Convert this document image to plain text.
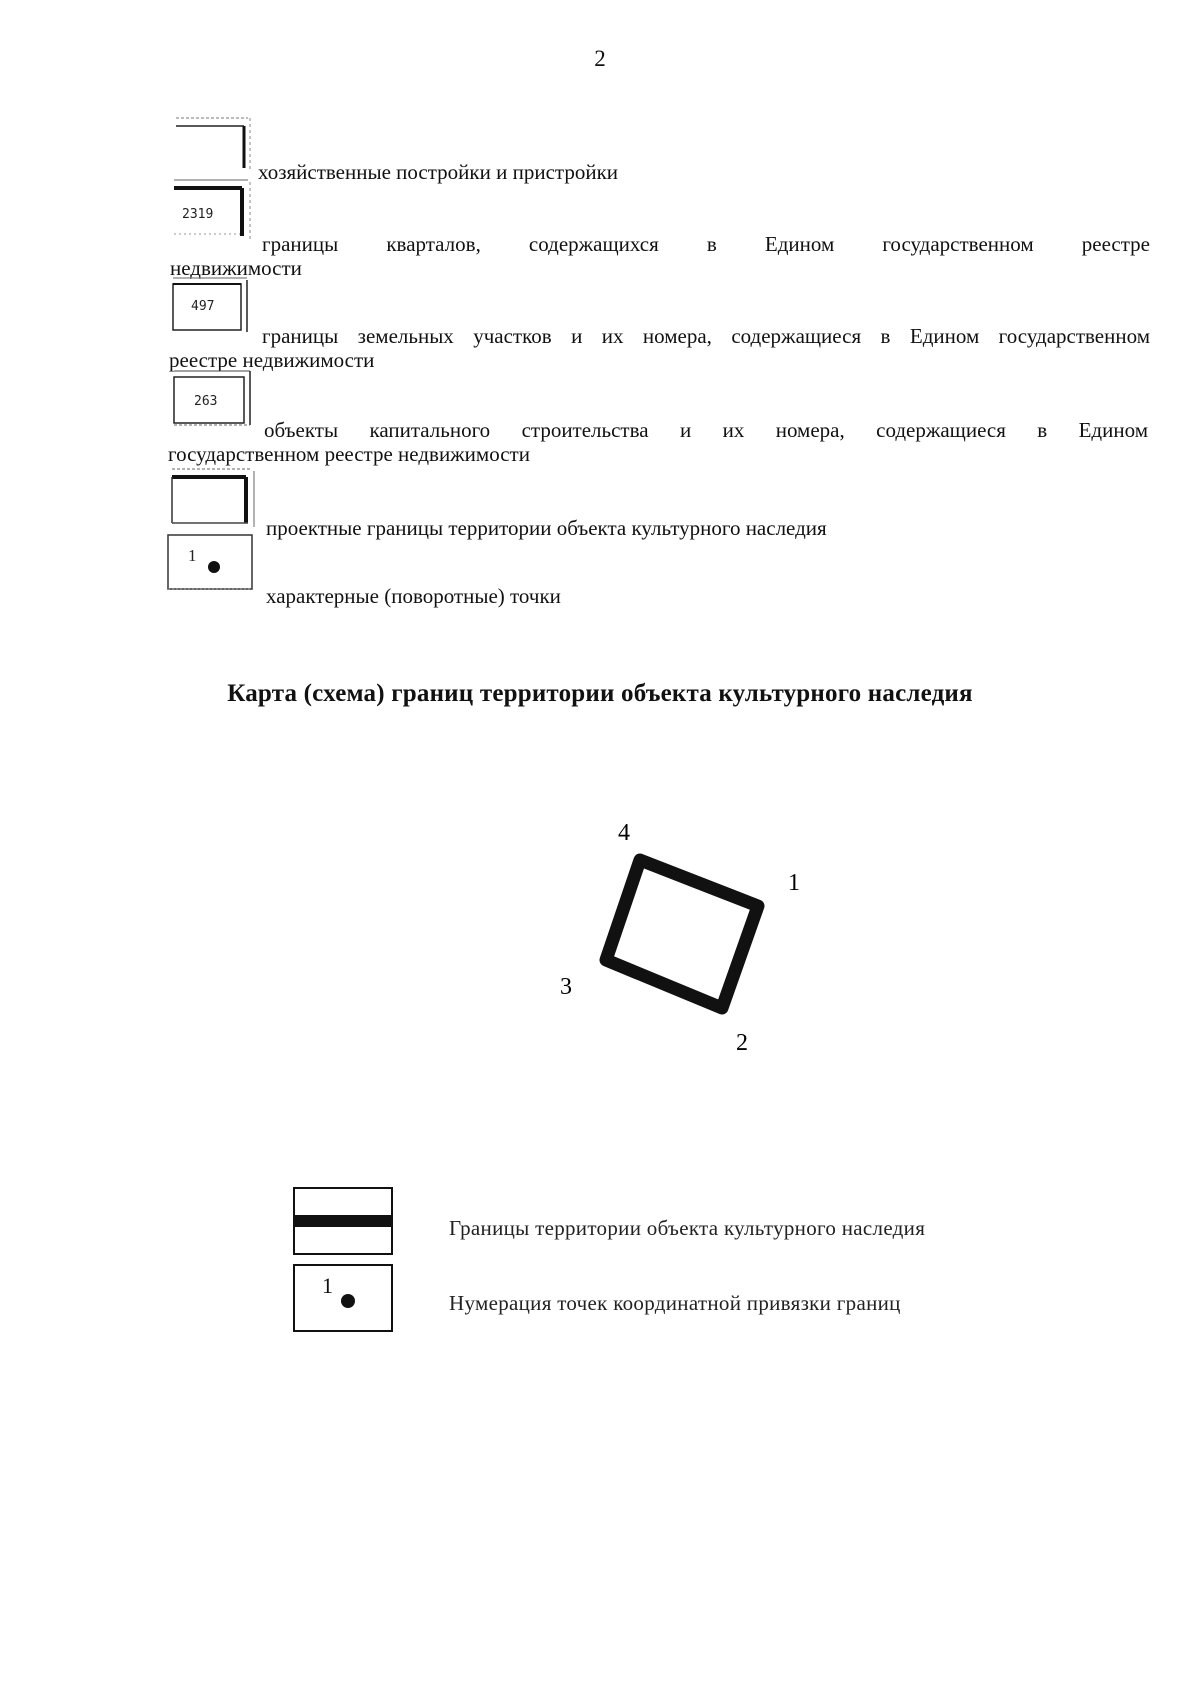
2
хозяйственные постройки и пристройки
2319
границы кварталов, содержащихся в Едином государственном реестре
недвижимости
497
границы земельных участков и их номера, содержащиеся в Едином государственном
реестре недвижимости
263
объекты капитального строительства и их номера, содержащиеся в Едином
государственном реестре недвижимости
проектные границы территории объекта культурного наследия
1
характерные (поворотные) точки
Карта (схема) границ территории объекта культурного наследия
4
1
3
2
Границы территории объекта культурного наследия
1
Нумерация точек координатной привязки границ
